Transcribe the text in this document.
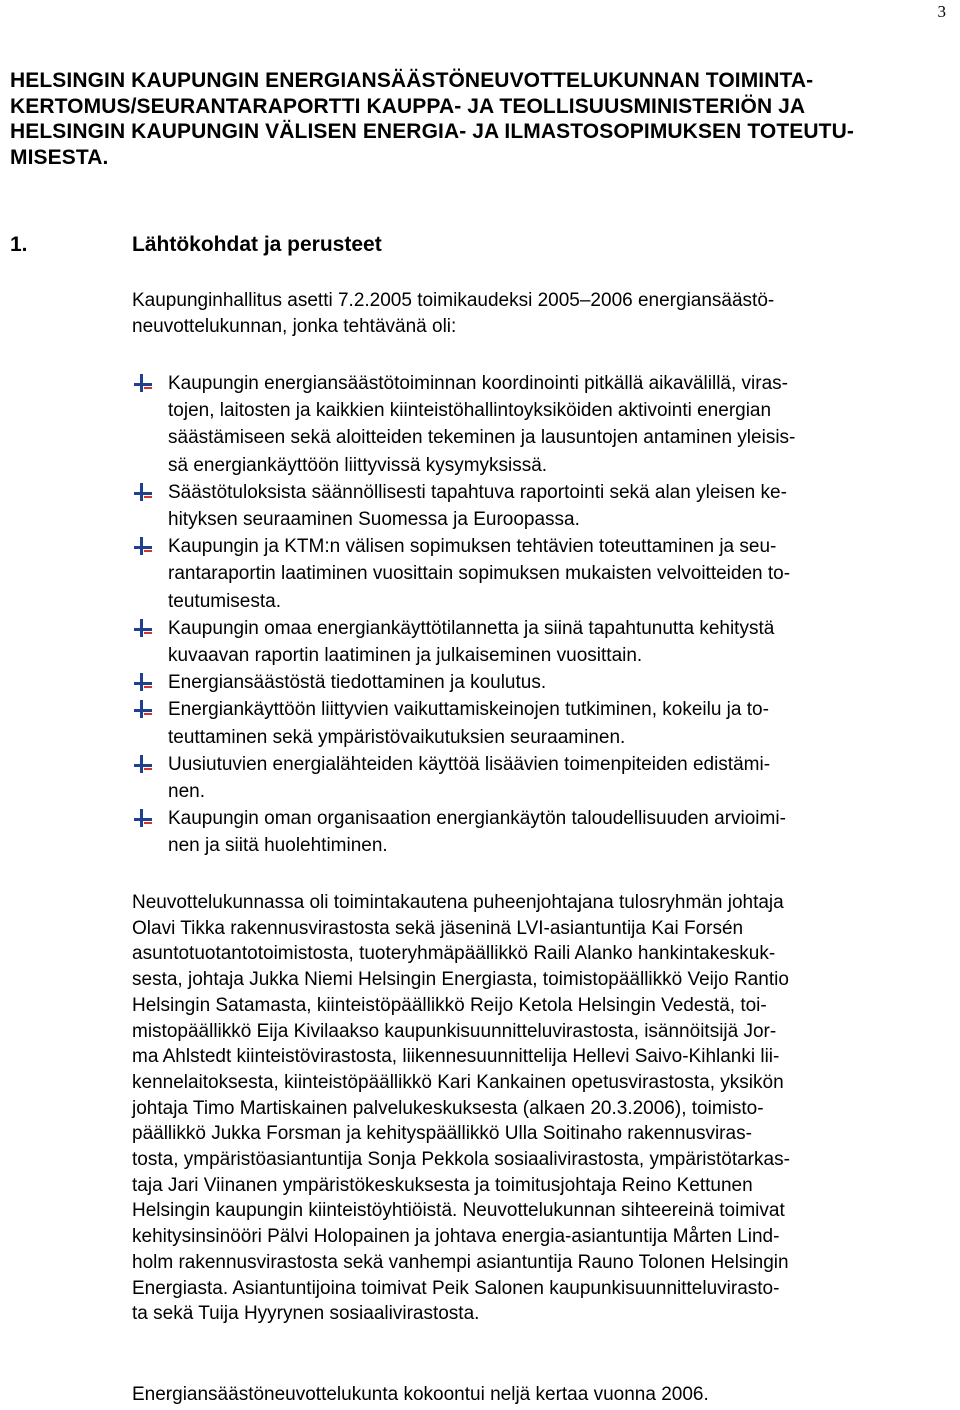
3
HELSINGIN KAUPUNGIN ENERGIANSÄÄSTÖNEUVOTTELUKUNNAN TOIMINTA-
KERTOMUS/SEURANTARAPORTTI KAUPPA- JA TEOLLISUUSMINISTERIÖN JA
HELSINGIN KAUPUNGIN VÄLISEN ENERGIA- JA ILMASTOSOPIMUKSEN TOTEUTU-
MISESTA.
1.	Lähtökohdat ja perusteet

Kaupunginhallitus asetti 7.2.2005 toimikaudeksi 2005–2006 energiansäästö-
neuvottelukunnan, jonka tehtävänä oli:

Kaupungin energiansäästötoiminnan koordinointi pitkällä aikavälillä, viras-
tojen, laitosten ja kaikkien kiinteistöhallintoyksiköiden aktivointi energian
säästämiseen sekä aloitteiden tekeminen ja lausuntojen antaminen yleisis-
sä energiankäyttöön liittyvissä kysymyksissä.
Säästötuloksista säännöllisesti tapahtuva raportointi sekä alan yleisen ke-
hityksen seuraaminen Suomessa ja Euroopassa.
Kaupungin ja KTM:n välisen sopimuksen tehtävien toteuttaminen ja seu-
rantaraportin laatiminen vuosittain sopimuksen mukaisten velvoitteiden to-
teutumisesta.
Kaupungin omaa energiankäyttötilannetta ja siinä tapahtunutta kehitystä
kuvaavan raportin laatiminen ja julkaiseminen vuosittain.
Energiansäästöstä tiedottaminen ja koulutus.
Energiankäyttöön liittyvien vaikuttamiskeinojen tutkiminen, kokeilu ja to-
teuttaminen sekä ympäristövaikutuksien seuraaminen.
Uusiutuvien energialähteiden käyttöä lisäävien toimenpiteiden edistämi-
nen.
Kaupungin oman organisaation energiankäytön taloudellisuuden arvioimi-
nen ja siitä huolehtiminen.

Neuvottelukunnassa oli toimintakautena puheenjohtajana tulosryhmän johtaja
Olavi Tikka rakennusvirastosta sekä jäseninä LVI-asiantuntija Kai Forsén
asuntotuotantotoimistosta, tuoteryhmäpäällikkö Raili Alanko hankintakeskuk-
sesta, johtaja Jukka Niemi Helsingin Energiasta, toimistopäällikkö Veijo Rantio
Helsingin Satamasta, kiinteistöpäällikkö Reijo Ketola Helsingin Vedestä, toi-
mistopäällikkö Eija Kivilaakso kaupunkisuunnitteluvirastosta, isännöitsijä Jor-
ma Ahlstedt kiinteistövirastosta, liikennesuunnittelija Hellevi Saivo-Kihlanki lii-
kennelaitoksesta, kiinteistöpäällikkö Kari Kankainen opetusvirastosta, yksikön
johtaja Timo Martiskainen palvelukeskuksesta (alkaen 20.3.2006), toimisto-
päällikkö Jukka Forsman ja kehityspäällikkö Ulla Soitinaho rakennusviras-
tosta, ympäristöasiantuntija Sonja Pekkola sosiaalivirastosta, ympäristötarkas-
taja Jari Viinanen ympäristökeskuksesta ja toimitusjohtaja Reino Kettunen
Helsingin kaupungin kiinteistöyhtiöistä. Neuvottelukunnan sihteereinä toimivat
kehitysinsinööri Pälvi Holopainen ja johtava energia-asiantuntija Mårten Lind-
holm rakennusvirastosta sekä vanhempi asiantuntija Rauno Tolonen Helsingin
Energiasta. Asiantuntijoina toimivat Peik Salonen kaupunkisuunnitteluvirasto-
ta sekä Tuija Hyyrynen sosiaalivirastosta.

Energiansäästöneuvottelukunta kokoontui neljä kertaa vuonna 2006.
